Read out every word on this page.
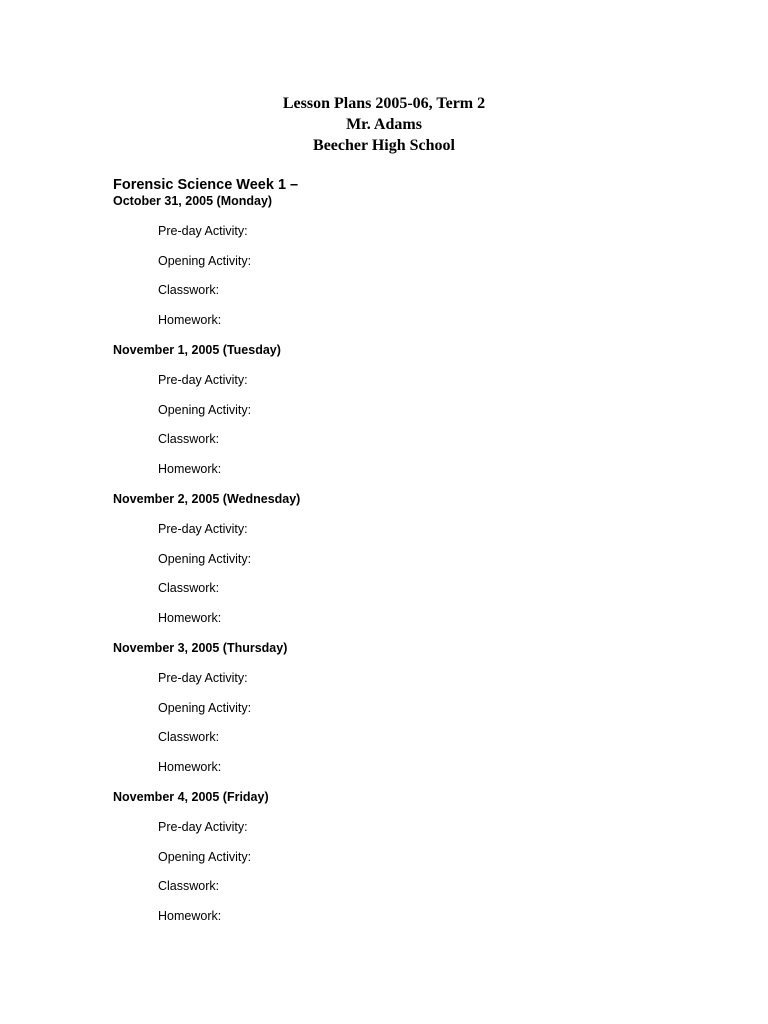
Lesson Plans 2005-06, Term 2
Mr. Adams
Beecher High School
Forensic Science Week 1 –
October 31, 2005 (Monday)
Pre-day Activity:
Opening Activity:
Classwork:
Homework:
November 1, 2005 (Tuesday)
Pre-day Activity:
Opening Activity:
Classwork:
Homework:
November 2, 2005 (Wednesday)
Pre-day Activity:
Opening Activity:
Classwork:
Homework:
November 3, 2005 (Thursday)
Pre-day Activity:
Opening Activity:
Classwork:
Homework:
November 4, 2005 (Friday)
Pre-day Activity:
Opening Activity:
Classwork:
Homework:
